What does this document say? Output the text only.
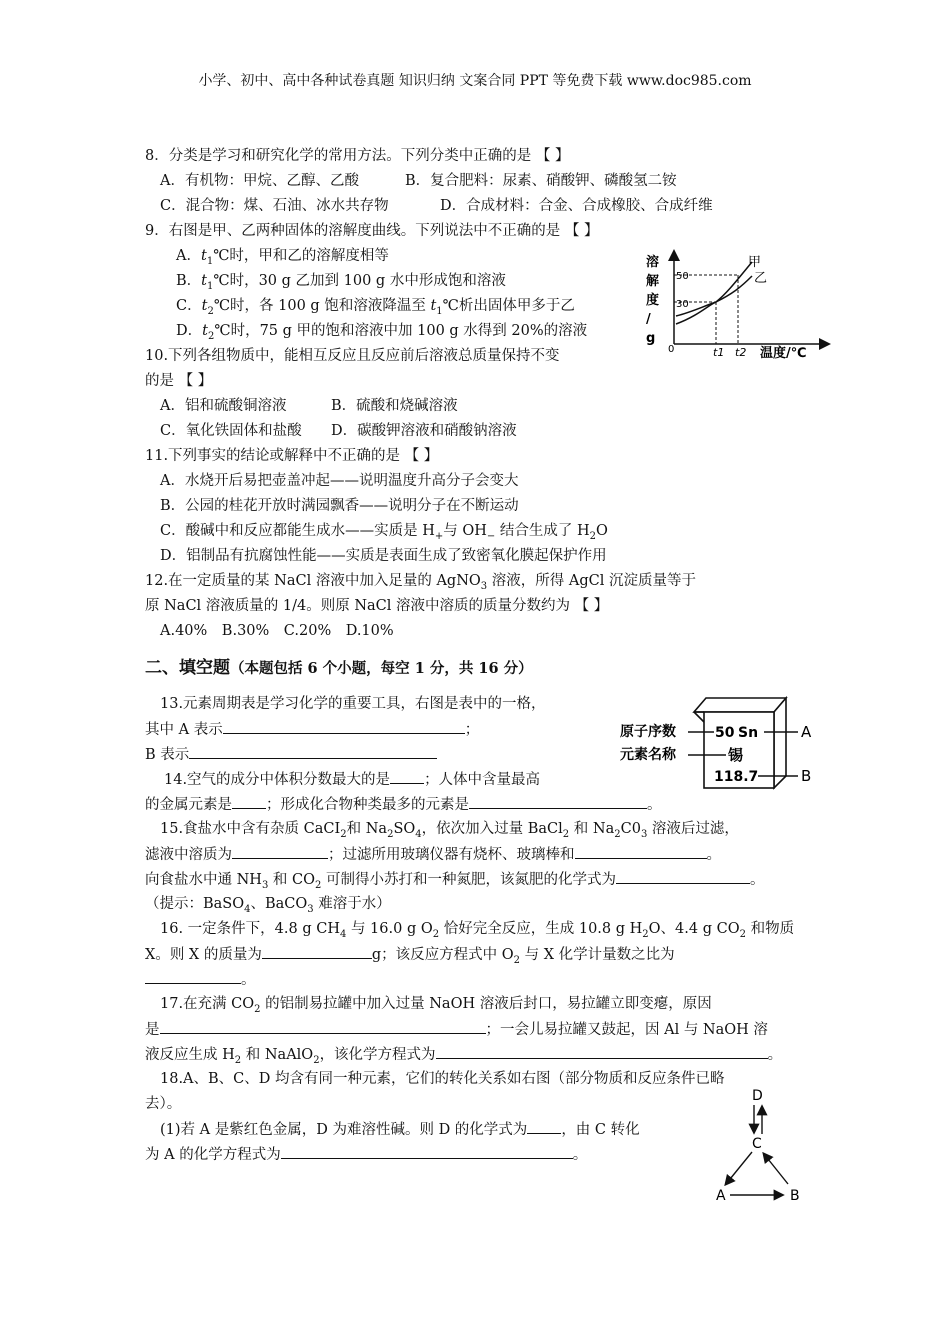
小学、初中、高中各种试卷真题 知识归纳 文案合同 PPT 等免费下载 www.doc985.com
8．分类是学习和研究化学的常用方法。下列分类中正确的是 【 】
A．有机物：甲烷、乙醇、乙酸	B．复合肥料：尿素、硝酸钾、磷酸氢二铵
C．混合物：煤、石油、冰水共存物	D．合成材料：合金、合成橡胶、合成纤维
9．右图是甲、乙两种固体的溶解度曲线。下列说法中不正确的是 【 】
A．$t_1℃$时，甲和乙的溶解度相等
B．$t_1℃$时，30 g 乙加到 100 g 水中形成饱和溶液
C．$t_2℃$时，各 100 g 饱和溶液降温至 $t_1℃$析出固体甲多于乙
D．$t_2℃$时，75 g 甲的饱和溶液中加 100 g 水得到 20%的溶液
溶
解
度
/
g
50
30
甲
乙
0	t1 t2 温度/℃
10.下列各组物质中，能相互反应且反应前后溶液总质量保持不变
的是 【 】
A．铝和硫酸铜溶液	B．硫酸和烧碱溶液
C．氧化铁固体和盐酸 D．碳酸钾溶液和硝酸钠溶液
11.下列事实的结论或解释中不正确的是 【 】
A．水烧开后易把壶盖冲起——说明温度升高分子会变大
B．公园的桂花开放时满园飘香——说明分子在不断运动
C．酸碱中和反应都能生成水——实质是 $H_+$与 $OH_-$ 结合生成了 $H_2O$
D．铝制品有抗腐蚀性能——实质是表面生成了致密氧化膜起保护作用
12.在一定质量的某 NaCl 溶液中加入足量的 AgNO$_3$ 溶液，所得 AgCl 沉淀质量等于
原 NaCl 溶液质量的 1/4。则原 NaCl 溶液中溶质的质量分数约为 【 】
A.40%　B.30%　C.20%　D.10%
二、填空题（本题包括 6 个小题，每空 1 分，共 16 分）
13.元素周期表是学习化学的重要工具，右图是表中的一格，
其中 A 表示	；
B 表示
原子序数
元素名称
50 Sn	A
锡
118.7	B
14.空气的成分中体积分数最大的是 ；人体中含量最高
的金属元素是 ；形成化合物种类最多的元素是	。
15.食盐水中含有杂质 CaCI$_2$和 $Na_2SO_4$，依次加入过量 BaCl$_2$ 和 $Na_2C0_3$ 溶液后过滤，
滤液中溶质为	；过滤所用玻璃仪器有烧杯、玻璃棒和	。
向食盐水中通 $NH_3$ 和 $CO_2$ 可制得小苏打和一种氮肥，该氮肥的化学式为	。
（提示：BaSO$_4$、BaCO$_3$ 难溶于水）
16. 一定条件下，4.8 g $CH_4$ 与 16.0 g $O_2$ 恰好完全反应，生成 10.8 g $H_2O$、4.4 g $CO_2$ 和物质
X。则 X 的质量为	g；该反应方程式中 $O_2$ 与 X 化学计量数之比为
。
17.在充满 $CO_2$ 的铝制易拉罐中加入过量 NaOH 溶液后封口，易拉罐立即变瘪，原因
是	；一会儿易拉罐又鼓起，因 Al 与 NaOH 溶
液反应生成 $H_2$ 和 NaAlO$_2$，该化学方程式为	。
18.A、B、C、D 均含有同一种元素，它们的转化关系如右图（部分物质和反应条件已略
去）。
(1)若 A 是紫红色金属，D 为难溶性碱。则 D 的化学式为 ，由 C 转化
为 A 的化学方程式为	。
D
C
A	B
